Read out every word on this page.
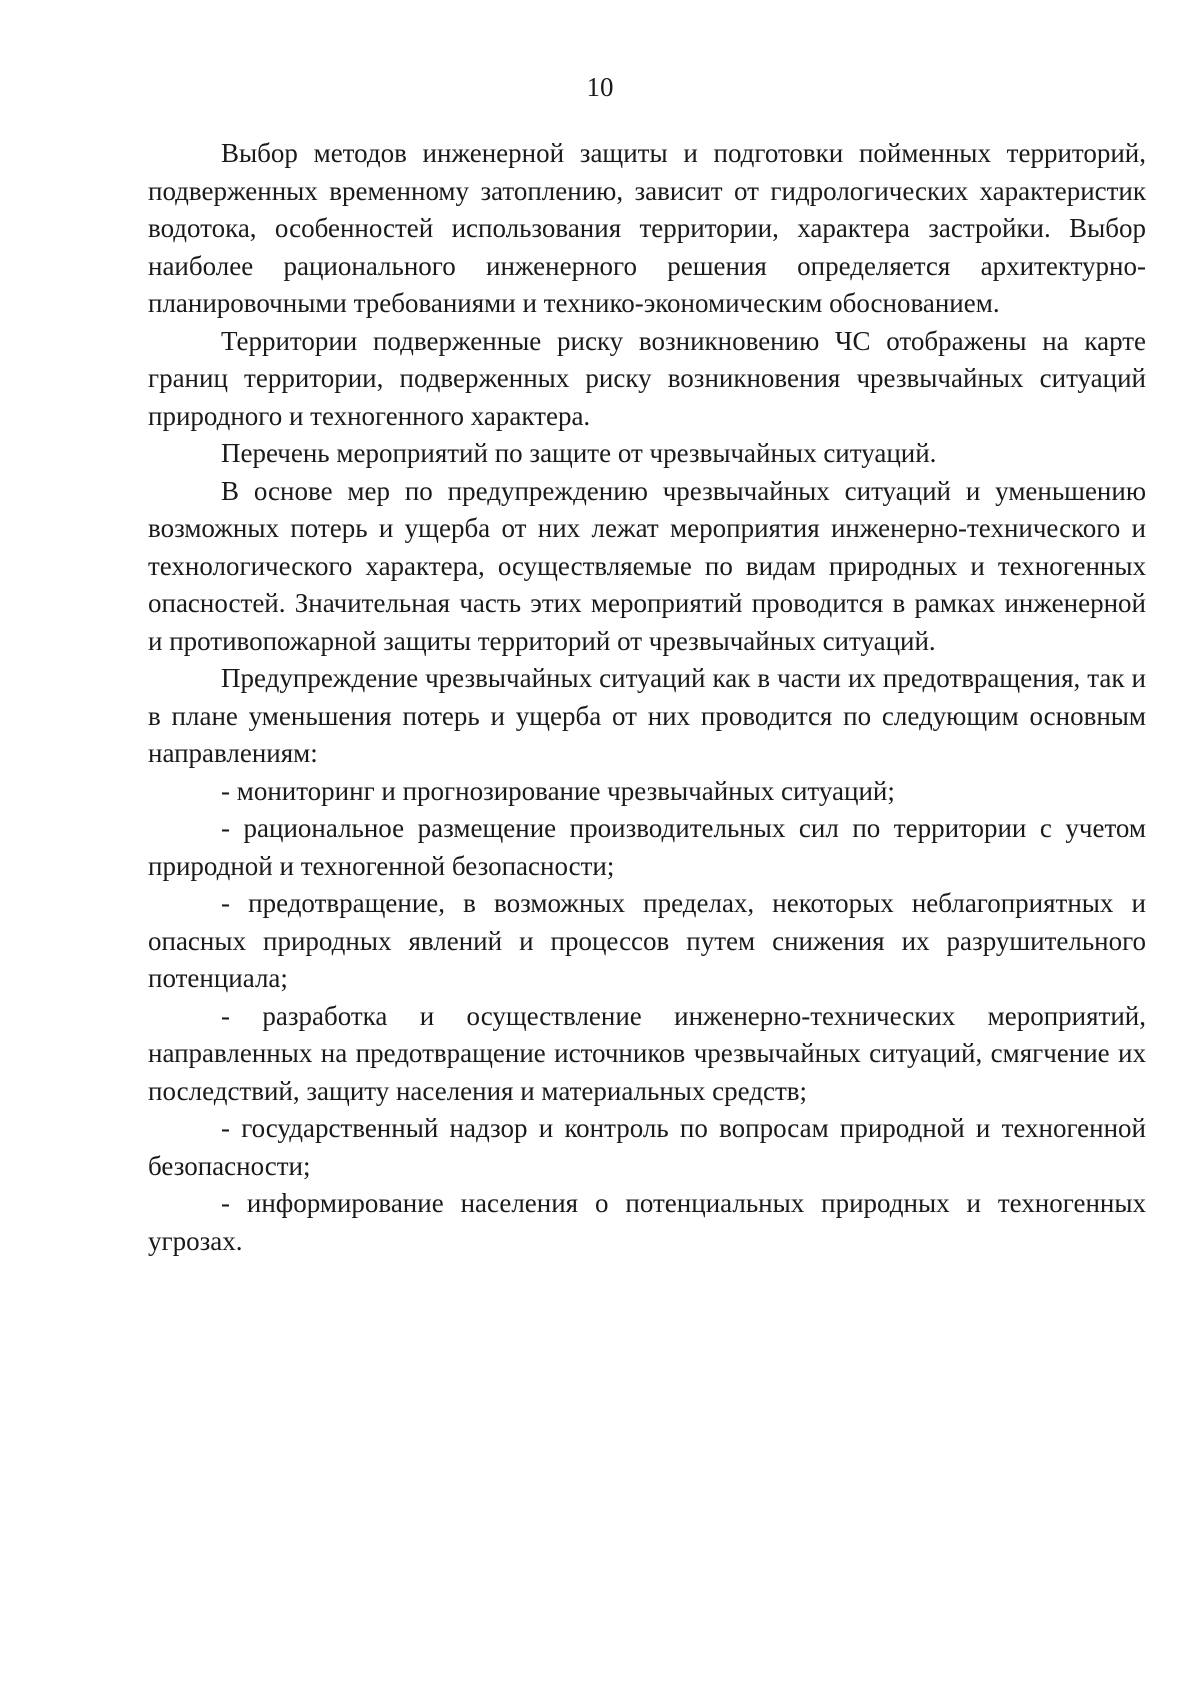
10

Выбор методов инженерной защиты и подготовки пойменных территорий, подверженных временному затоплению, зависит от гидрологических характеристик водотока, особенностей использования территории, характера застройки. Выбор наиболее рационального инженерного решения определяется архитектурно-планировочными требованиями и технико-экономическим обоснованием.

Территории подверженные риску возникновению ЧС отображены на карте границ территории, подверженных риску возникновения чрезвычайных ситуаций природного и техногенного характера.

Перечень мероприятий по защите от чрезвычайных ситуаций.

В основе мер по предупреждению чрезвычайных ситуаций и уменьшению возможных потерь и ущерба от них лежат мероприятия инженерно-технического и технологического характера, осуществляемые по видам природных и техногенных опасностей. Значительная часть этих мероприятий проводится в рамках инженерной и противопожарной защиты территорий от чрезвычайных ситуаций.

Предупреждение чрезвычайных ситуаций как в части их предотвращения, так и в плане уменьшения потерь и ущерба от них проводится по следующим основным направлениям:

- мониторинг и прогнозирование чрезвычайных ситуаций;

- рациональное размещение производительных сил по территории с учетом природной и техногенной безопасности;

- предотвращение, в возможных пределах, некоторых неблагоприятных и опасных природных явлений и процессов путем снижения их разрушительного потенциала;

- разработка и осуществление инженерно-технических мероприятий, направленных на предотвращение источников чрезвычайных ситуаций, смягчение их последствий, защиту населения и материальных средств;

- государственный надзор и контроль по вопросам природной и техногенной безопасности;

- информирование населения о потенциальных природных и техногенных угрозах.
